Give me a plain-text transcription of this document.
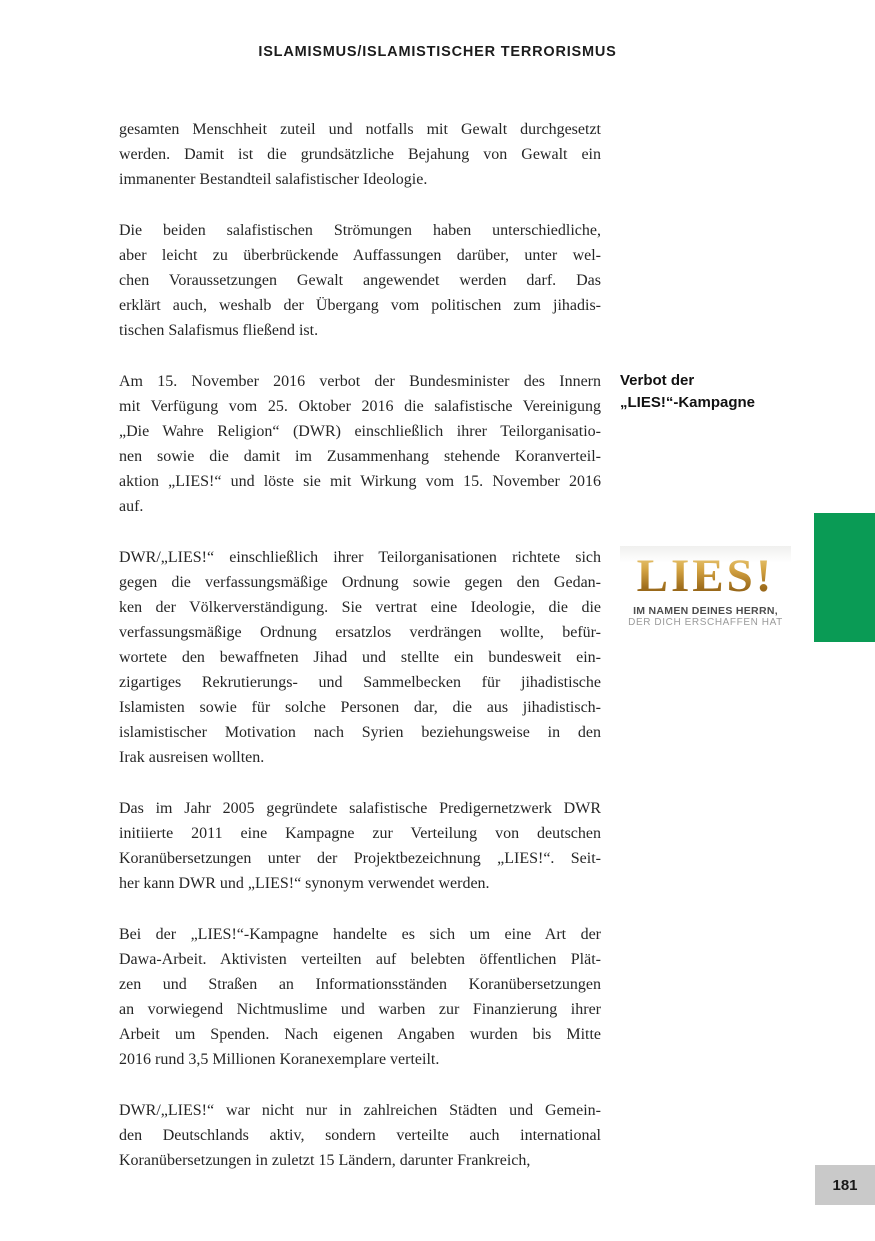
ISLAMISMUS/ISLAMISTISCHER TERRORISMUS
gesamten Menschheit zuteil und notfalls mit Gewalt durchgesetzt
werden. Damit ist die grundsätzliche Bejahung von Gewalt ein
immanenter Bestandteil salafistischer Ideologie.
Die beiden salafistischen Strömungen haben unterschiedliche,
aber leicht zu überbrückende Auffassungen darüber, unter wel-
chen Voraussetzungen Gewalt angewendet werden darf. Das
erklärt auch, weshalb der Übergang vom politischen zum jihadis-
tischen Salafismus fließend ist.
Am 15. November 2016 verbot der Bundesminister des Innern
mit Verfügung vom 25. Oktober 2016 die salafistische Vereinigung
„Die Wahre Religion“ (DWR) einschließlich ihrer Teilorganisatio-
nen sowie die damit im Zusammenhang stehende Koranverteil-
aktion „LIES!“ und löste sie mit Wirkung vom 15. November 2016
auf.
DWR/„LIES!“ einschließlich ihrer Teilorganisationen richtete sich
gegen die verfassungsmäßige Ordnung sowie gegen den Gedan-
ken der Völkerverständigung. Sie vertrat eine Ideologie, die die
verfassungsmäßige Ordnung ersatzlos verdrängen wollte, befür-
wortete den bewaffneten Jihad und stellte ein bundesweit ein-
zigartiges Rekrutierungs- und Sammelbecken für jihadistische
Islamisten sowie für solche Personen dar, die aus jihadistisch-
islamistischer Motivation nach Syrien beziehungsweise in den
Irak ausreisen wollten.
Das im Jahr 2005 gegründete salafistische Predigernetzwerk DWR
initiierte 2011 eine Kampagne zur Verteilung von deutschen
Koranübersetzungen unter der Projektbezeichnung „LIES!“. Seit-
her kann DWR und „LIES!“ synonym verwendet werden.
Bei der „LIES!“-Kampagne handelte es sich um eine Art der
Dawa-Arbeit. Aktivisten verteilten auf belebten öffentlichen Plät-
zen und Straßen an Informationsständen Koranübersetzungen
an vorwiegend Nichtmuslime und warben zur Finanzierung ihrer
Arbeit um Spenden. Nach eigenen Angaben wurden bis Mitte
2016 rund 3,5 Millionen Koranexemplare verteilt.
DWR/„LIES!“ war nicht nur in zahlreichen Städten und Gemein-
den Deutschlands aktiv, sondern verteilte auch international
Koranübersetzungen in zuletzt 15 Ländern, darunter Frankreich,
Verbot der
„LIES!“-Kampagne
LIES!
IM NAMEN DEINES HERRN,
DER DICH ERSCHAFFEN HAT
181
